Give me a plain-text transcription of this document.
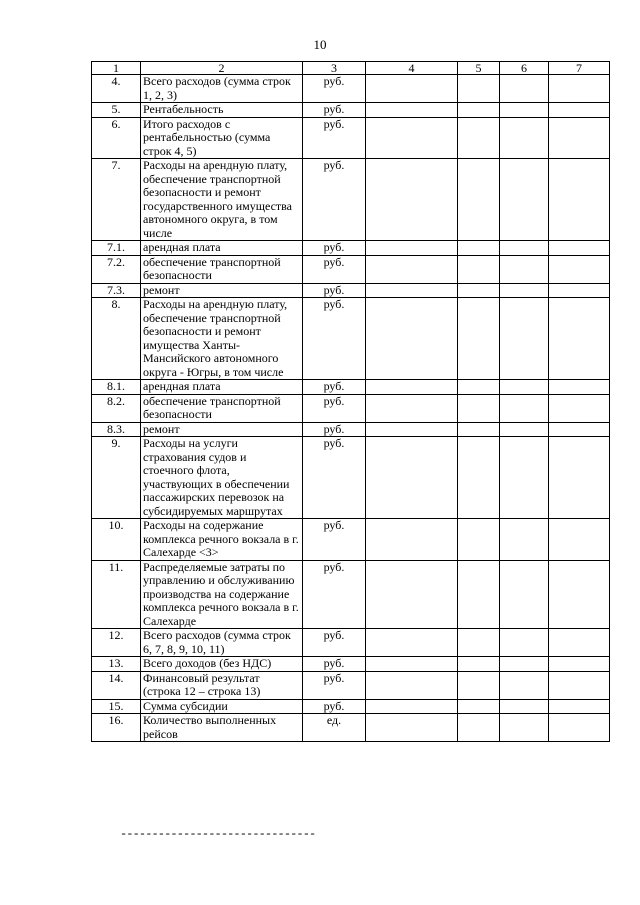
10
1	2	3	4	5	6	7
4.	Всего расходов (сумма строк 1, 2, 3)	руб.				
5.	Рентабельность	руб.				
6.	Итого расходов с рентабельностью (сумма строк 4, 5)	руб.				
7.	Расходы на арендную плату, обеспечение транспортной безопасности и ремонт государственного имущества автономного округа, в том числе	руб.				
7.1.	арендная плата	руб.				
7.2.	обеспечение транспортной безопасности	руб.				
7.3.	ремонт	руб.				
8.	Расходы на арендную плату, обеспечение транспортной безопасности и ремонт имущества Ханты-Мансийского автономного округа - Югры, в том числе	руб.				
8.1.	арендная плата	руб.				
8.2.	обеспечение транспортной безопасности	руб.				
8.3.	ремонт	руб.				
9.	Расходы на услуги страхования судов и стоечного флота, участвующих в обеспечении пассажирских перевозок на субсидируемых маршрутах	руб.				
10.	Расходы на содержание комплекса речного вокзала в г. Салехарде <3>	руб.				
11.	Распределяемые затраты по управлению и обслуживанию производства на содержание комплекса речного вокзала в г. Салехарде	руб.				
12.	Всего расходов (сумма строк 6, 7, 8, 9, 10, 11)	руб.				
13.	Всего доходов (без НДС)	руб.				
14.	Финансовый результат (строка 12 – строка 13)	руб.				
15.	Сумма субсидии	руб.				
16.	Количество выполненных рейсов	ед.				
-------------------------------
